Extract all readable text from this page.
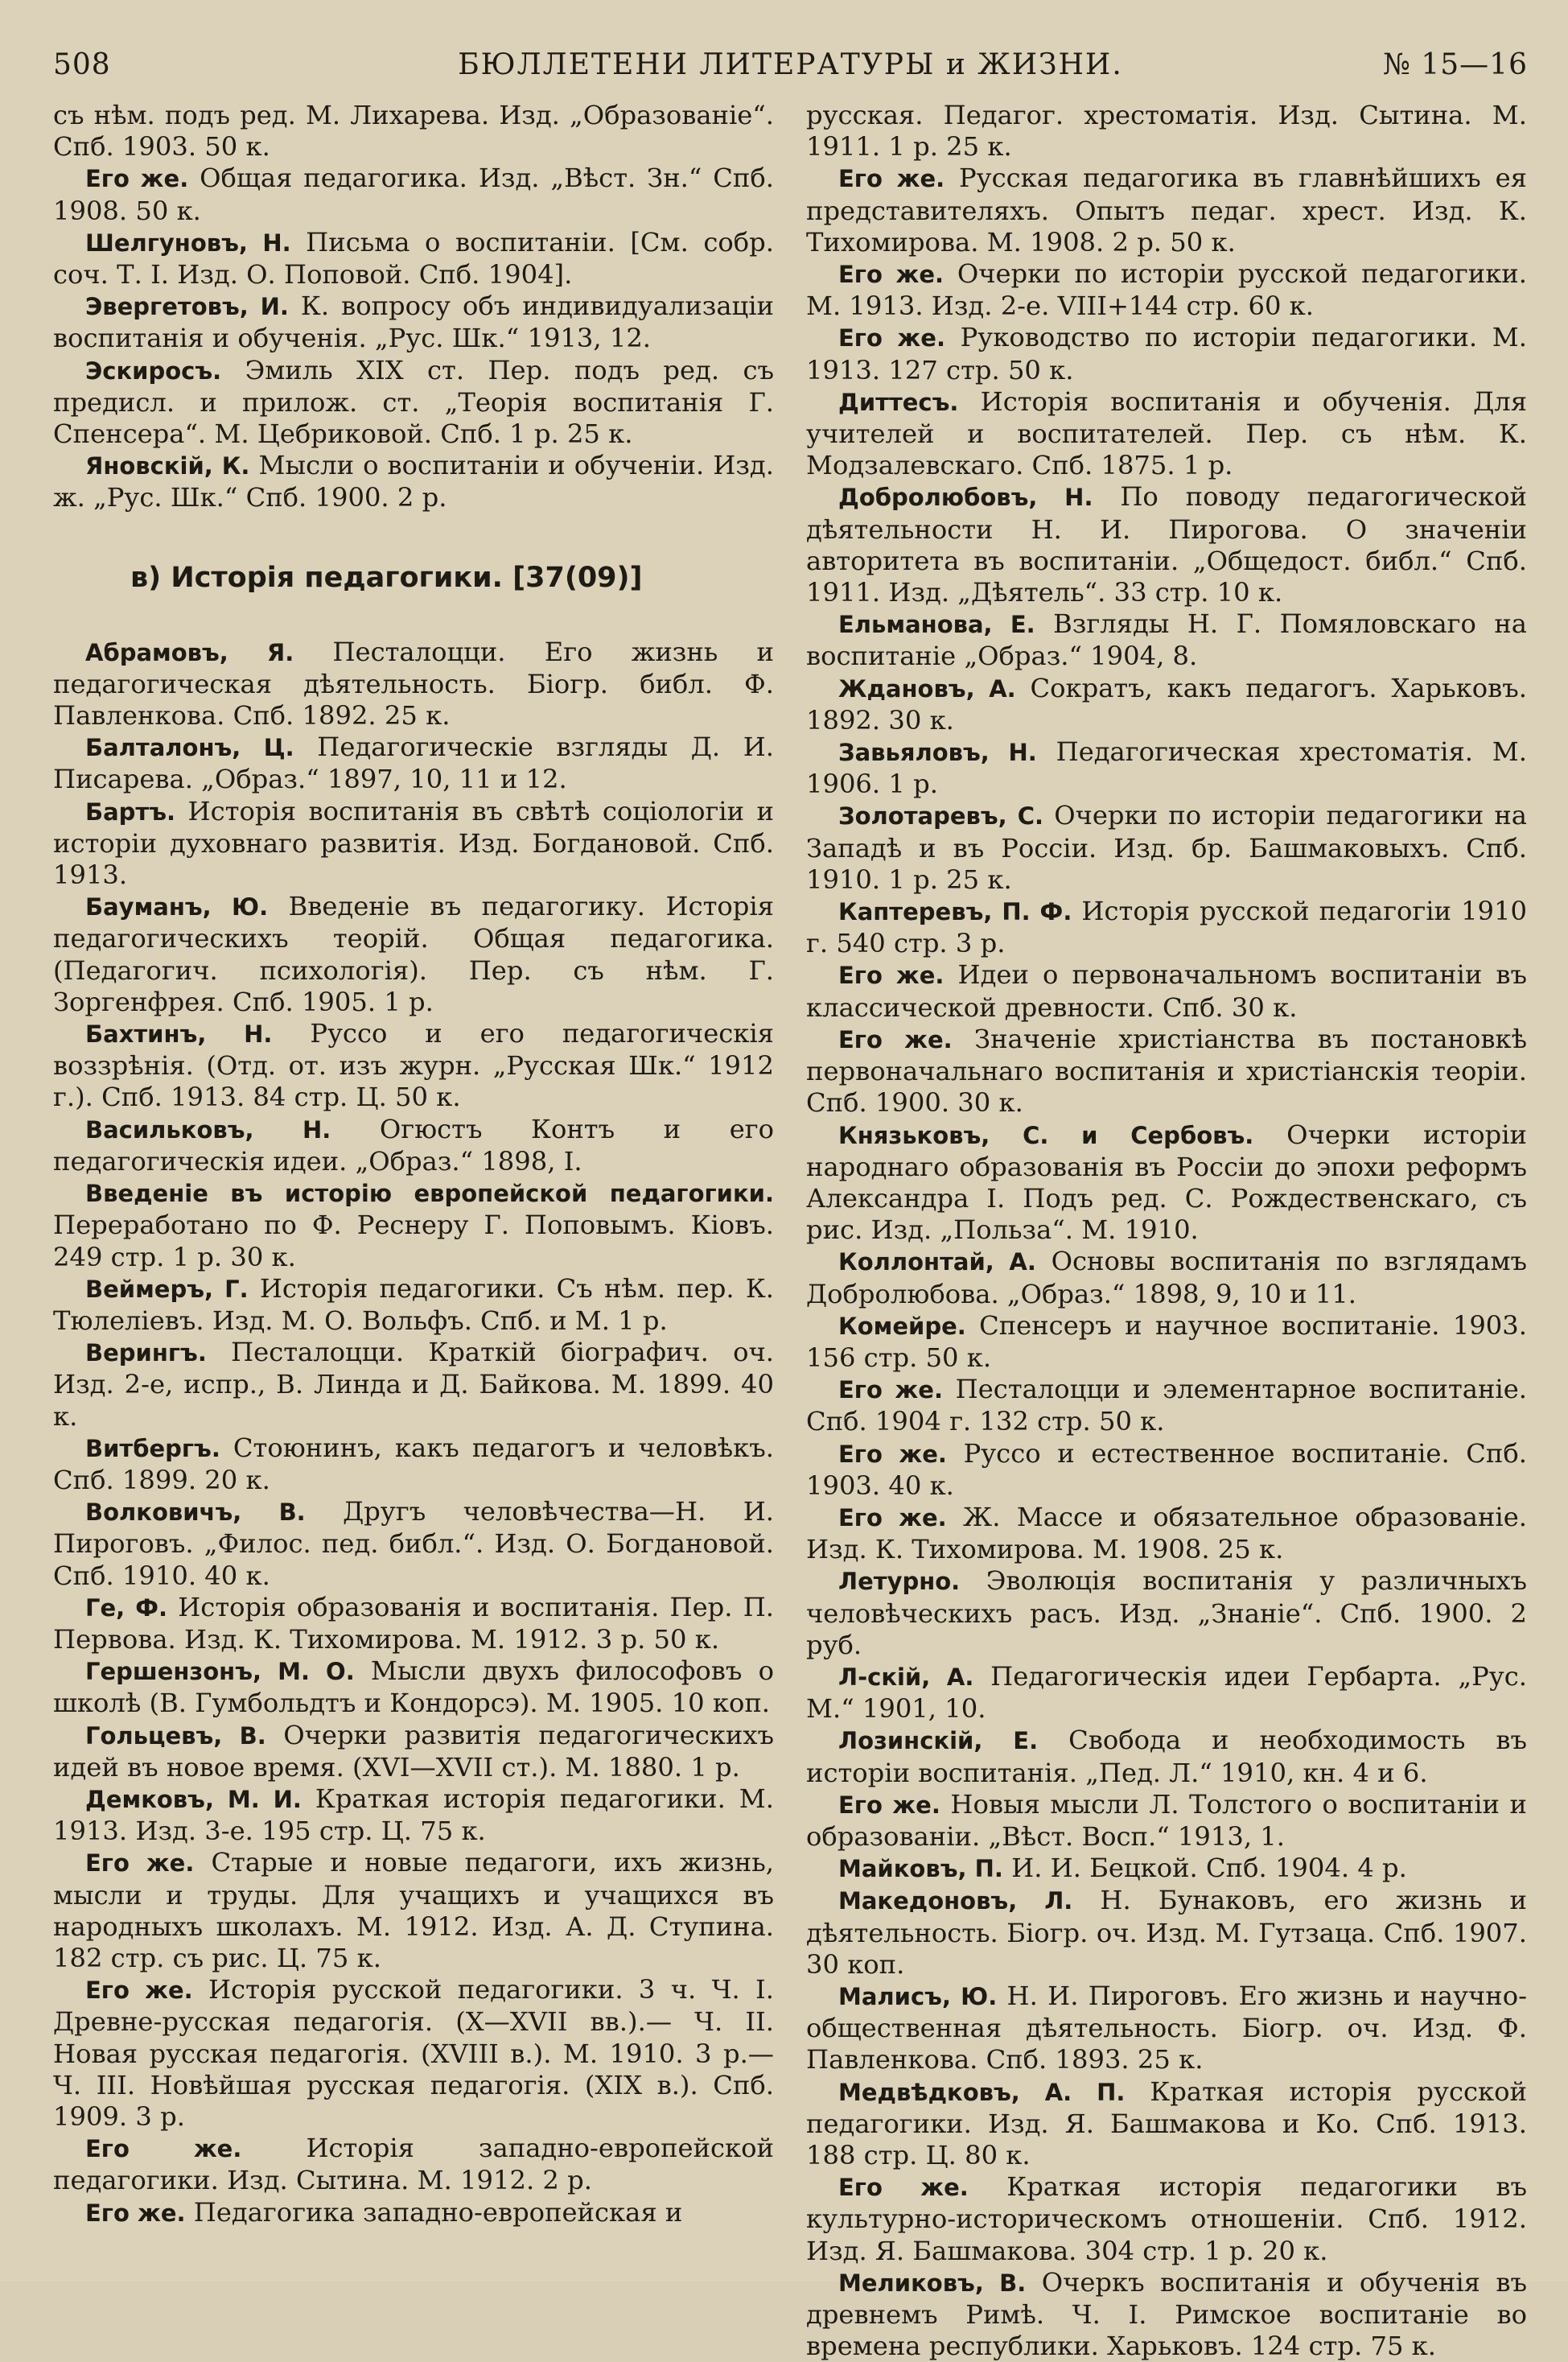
508	БЮЛЛЕТЕНИ ЛИТЕРАТУРЫ и ЖИЗНИ.	№ 15—16

съ нѣм. подъ ред. М. Лихарева. Изд. „Образованіе“. Спб. 1903. 50 к.

Его же. Общая педагогика. Изд. „Вѣст. Зн.“ Спб. 1908. 50 к.

Шелгуновъ, Н. Письма о воспитаніи. [См. собр. соч. Т. I. Изд. О. Поповой. Спб. 1904].

Эвергетовъ, И. К. вопросу объ индивидуализаціи воспитанія и обученія. „Рус. Шк.“ 1913, 12.

Эскиросъ. Эмиль XIX ст. Пер. подъ ред. съ предисл. и прилож. ст. „Теорія воспитанія Г. Спенсера“. М. Цебриковой. Спб. 1 р. 25 к.

Яновскій, К. Мысли о воспитаніи и обученіи. Изд. ж. „Рус. Шк.“ Спб. 1900. 2 р.

в) Исторія педагогики. [37(09)]

Абрамовъ, Я. Песталоцци. Его жизнь и педагогическая дѣятельность. Біогр. библ. Ф. Павленкова. Спб. 1892. 25 к.

Балталонъ, Ц. Педагогическіе взгляды Д. И. Писарева. „Образ.“ 1897, 10, 11 и 12.

Бартъ. Исторія воспитанія въ свѣтѣ соціологіи и исторіи духовнаго развитія. Изд. Богдановой. Спб. 1913.

Бауманъ, Ю. Введеніе въ педагогику. Исторія педагогическихъ теорій. Общая педагогика. (Педагогич. психологія). Пер. съ нѣм. Г. Зоргенфрея. Спб. 1905. 1 р.

Бахтинъ, Н. Руссо и его педагогическія воззрѣнія. (Отд. от. изъ журн. „Русская Шк.“ 1912 г.). Спб. 1913. 84 стр. Ц. 50 к.

Васильковъ, Н. Огюстъ Контъ и его педагогическія идеи. „Образ.“ 1898, I.

Введеніе въ исторію европейской педагогики. Переработано по Ф. Реснеру Г. Поповымъ. Кіовъ. 249 стр. 1 р. 30 к.

Веймеръ, Г. Исторія педагогики. Съ нѣм. пер. К. Тюлеліевъ. Изд. М. О. Вольфъ. Спб. и М. 1 р.

Верингъ. Песталоцци. Краткій біографич. оч. Изд. 2-е, испр., В. Линда и Д. Байкова. М. 1899. 40 к.

Витбергъ. Стоюнинъ, какъ педагогъ и человѣкъ. Спб. 1899. 20 к.

Волковичъ, В. Другъ человѣчества—Н. И. Пироговъ. „Филос. пед. библ.“. Изд. О. Богдановой. Спб. 1910. 40 к.

Ге, Ф. Исторія образованія и воспитанія. Пер. П. Первова. Изд. К. Тихомирова. М. 1912. 3 р. 50 к.

Гершензонъ, М. О. Мысли двухъ философовъ о школѣ (В. Гумбольдтъ и Кондорсэ). М. 1905. 10 коп.

Гольцевъ, В. Очерки развитія педагогическихъ идей въ новое время. (XVI—XVII ст.). М. 1880. 1 р.

Демковъ, М. И. Краткая исторія педагогики. М. 1913. Изд. 3-е. 195 стр. Ц. 75 к.

Его же. Старые и новые педагоги, ихъ жизнь, мысли и труды. Для учащихъ и учащихся въ народныхъ школахъ. М. 1912. Изд. А. Д. Ступина. 182 стр. съ рис. Ц. 75 к.

Его же. Исторія русской педагогики. 3 ч. Ч. I. Древне-русская педагогія. (X—XVII вв.).— Ч. II. Новая русская педагогія. (XVIII в.). М. 1910. 3 р.—Ч. III. Новѣйшая русская педагогія. (XIX в.). Спб. 1909. 3 р.

Его же. Исторія западно-европейской педагогики. Изд. Сытина. М. 1912. 2 р.

Его же. Педагогика западно-европейская и

русская. Педагог. хрестоматія. Изд. Сытина. М. 1911. 1 р. 25 к.

Его же. Русская педагогика въ главнѣйшихъ ея представителяхъ. Опытъ педаг. хрест. Изд. К. Тихомирова. М. 1908. 2 р. 50 к.

Его же. Очерки по исторіи русской педагогики. М. 1913. Изд. 2-е. VIII+144 стр. 60 к.

Его же. Руководство по исторіи педагогики. М. 1913. 127 стр. 50 к.

Диттесъ. Исторія воспитанія и обученія. Для учителей и воспитателей. Пер. съ нѣм. К. Модзалевскаго. Спб. 1875. 1 р.

Добролюбовъ, Н. По поводу педагогической дѣятельности Н. И. Пирогова. О значеніи авторитета въ воспитаніи. „Общедост. библ.“ Спб. 1911. Изд. „Дѣятель“. 33 стр. 10 к.

Ельманова, Е. Взгляды Н. Г. Помяловскаго на воспитаніе „Образ.“ 1904, 8.

Ждановъ, А. Сократъ, какъ педагогъ. Харьковъ. 1892. 30 к.

Завьяловъ, Н. Педагогическая хрестоматія. М. 1906. 1 р.

Золотаревъ, С. Очерки по исторіи педагогики на Западѣ и въ Россіи. Изд. бр. Башмаковыхъ. Спб. 1910. 1 р. 25 к.

Каптеревъ, П. Ф. Исторія русской педагогіи 1910 г. 540 стр. 3 р.

Его же. Идеи о первоначальномъ воспитаніи въ классической древности. Спб. 30 к.

Его же. Значеніе христіанства въ постановкѣ первоначальнаго воспитанія и христіанскія теоріи. Спб. 1900. 30 к.

Князьковъ, С. и Сербовъ. Очерки исторіи народнаго образованія въ Россіи до эпохи реформъ Александра I. Подъ ред. С. Рождественскаго, съ рис. Изд. „Польза“. М. 1910.

Коллонтай, А. Основы воспитанія по взглядамъ Добролюбова. „Образ.“ 1898, 9, 10 и 11.

Комейре. Спенсеръ и научное воспитаніе. 1903. 156 стр. 50 к.

Его же. Песталоцци и элементарное воспитаніе. Спб. 1904 г. 132 стр. 50 к.

Его же. Руссо и естественное воспитаніе. Спб. 1903. 40 к.

Его же. Ж. Массе и обязательное образованіе. Изд. К. Тихомирова. М. 1908. 25 к.

Летурно. Эволюція воспитанія у различныхъ человѣческихъ расъ. Изд. „Знаніе“. Спб. 1900. 2 руб.

Л-скій, А. Педагогическія идеи Гербарта. „Рус. М.“ 1901, 10.

Лозинскій, Е. Свобода и необходимость въ исторіи воспитанія. „Пед. Л.“ 1910, кн. 4 и 6.

Его же. Новыя мысли Л. Толстого о воспитаніи и образованіи. „Вѣст. Восп.“ 1913, 1.

Майковъ, П. И. И. Бецкой. Спб. 1904. 4 р.

Македоновъ, Л. Н. Бунаковъ, его жизнь и дѣятельность. Біогр. оч. Изд. М. Гутзаца. Спб. 1907. 30 коп.

Малисъ, Ю. Н. И. Пироговъ. Его жизнь и научно-общественная дѣятельность. Біогр. оч. Изд. Ф. Павленкова. Спб. 1893. 25 к.

Медвѣдковъ, А. П. Краткая исторія русской педагогики. Изд. Я. Башмакова и Ко. Спб. 1913. 188 стр. Ц. 80 к.

Его же. Краткая исторія педагогики въ культурно-историческомъ отношеніи. Спб. 1912. Изд. Я. Башмакова. 304 стр. 1 р. 20 к.

Меликовъ, В. Очеркъ воспитанія и обученія въ древнемъ Римѣ. Ч. I. Римское воспитаніе во времена республики. Харьковъ. 124 стр. 75 к.
